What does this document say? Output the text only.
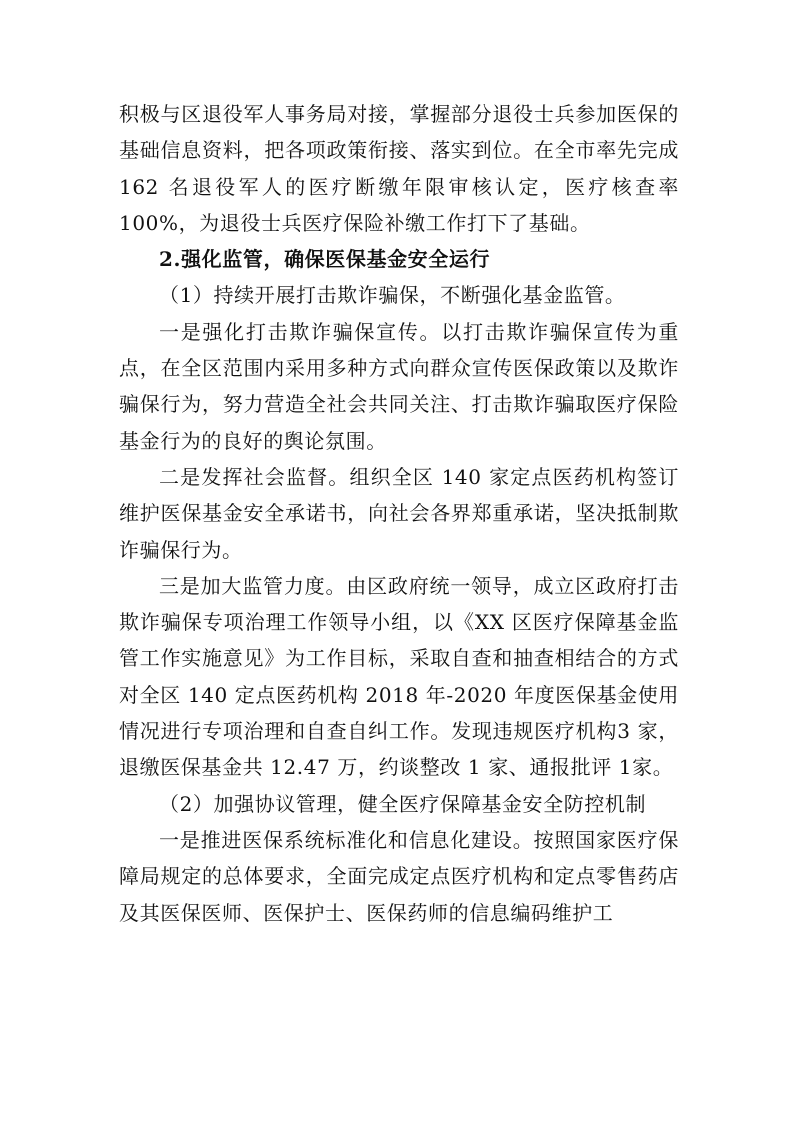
积极与区退役军人事务局对接，掌握部分退役士兵参加医保的基础信息资料，把各项政策衔接、落实到位。在全市率先完成 162 名退役军人的医疗断缴年限审核认定，医疗核查率100%，为退役士兵医疗保险补缴工作打下了基础。

2.强化监管，确保医保基金安全运行

（1）持续开展打击欺诈骗保，不断强化基金监管。

一是强化打击欺诈骗保宣传。以打击欺诈骗保宣传为重点，在全区范围内采用多种方式向群众宣传医保政策以及欺诈骗保行为，努力营造全社会共同关注、打击欺诈骗取医疗保险基金行为的良好的舆论氛围。

二是发挥社会监督。组织全区 140 家定点医药机构签订维护医保基金安全承诺书，向社会各界郑重承诺，坚决抵制欺诈骗保行为。

三是加大监管力度。由区政府统一领导，成立区政府打击欺诈骗保专项治理工作领导小组，以《XX 区医疗保障基金监管工作实施意见》为工作目标，采取自查和抽查相结合的方式对全区 140 定点医药机构 2018 年-2020 年度医保基金使用情况进行专项治理和自查自纠工作。发现违规医疗机构3 家，退缴医保基金共 12.47 万，约谈整改 1 家、通报批评 1家。

（2）加强协议管理，健全医疗保障基金安全防控机制

一是推进医保系统标准化和信息化建设。按照国家医疗保障局规定的总体要求，全面完成定点医疗机构和定点零售药店及其医保医师、医保护士、医保药师的信息编码维护工
